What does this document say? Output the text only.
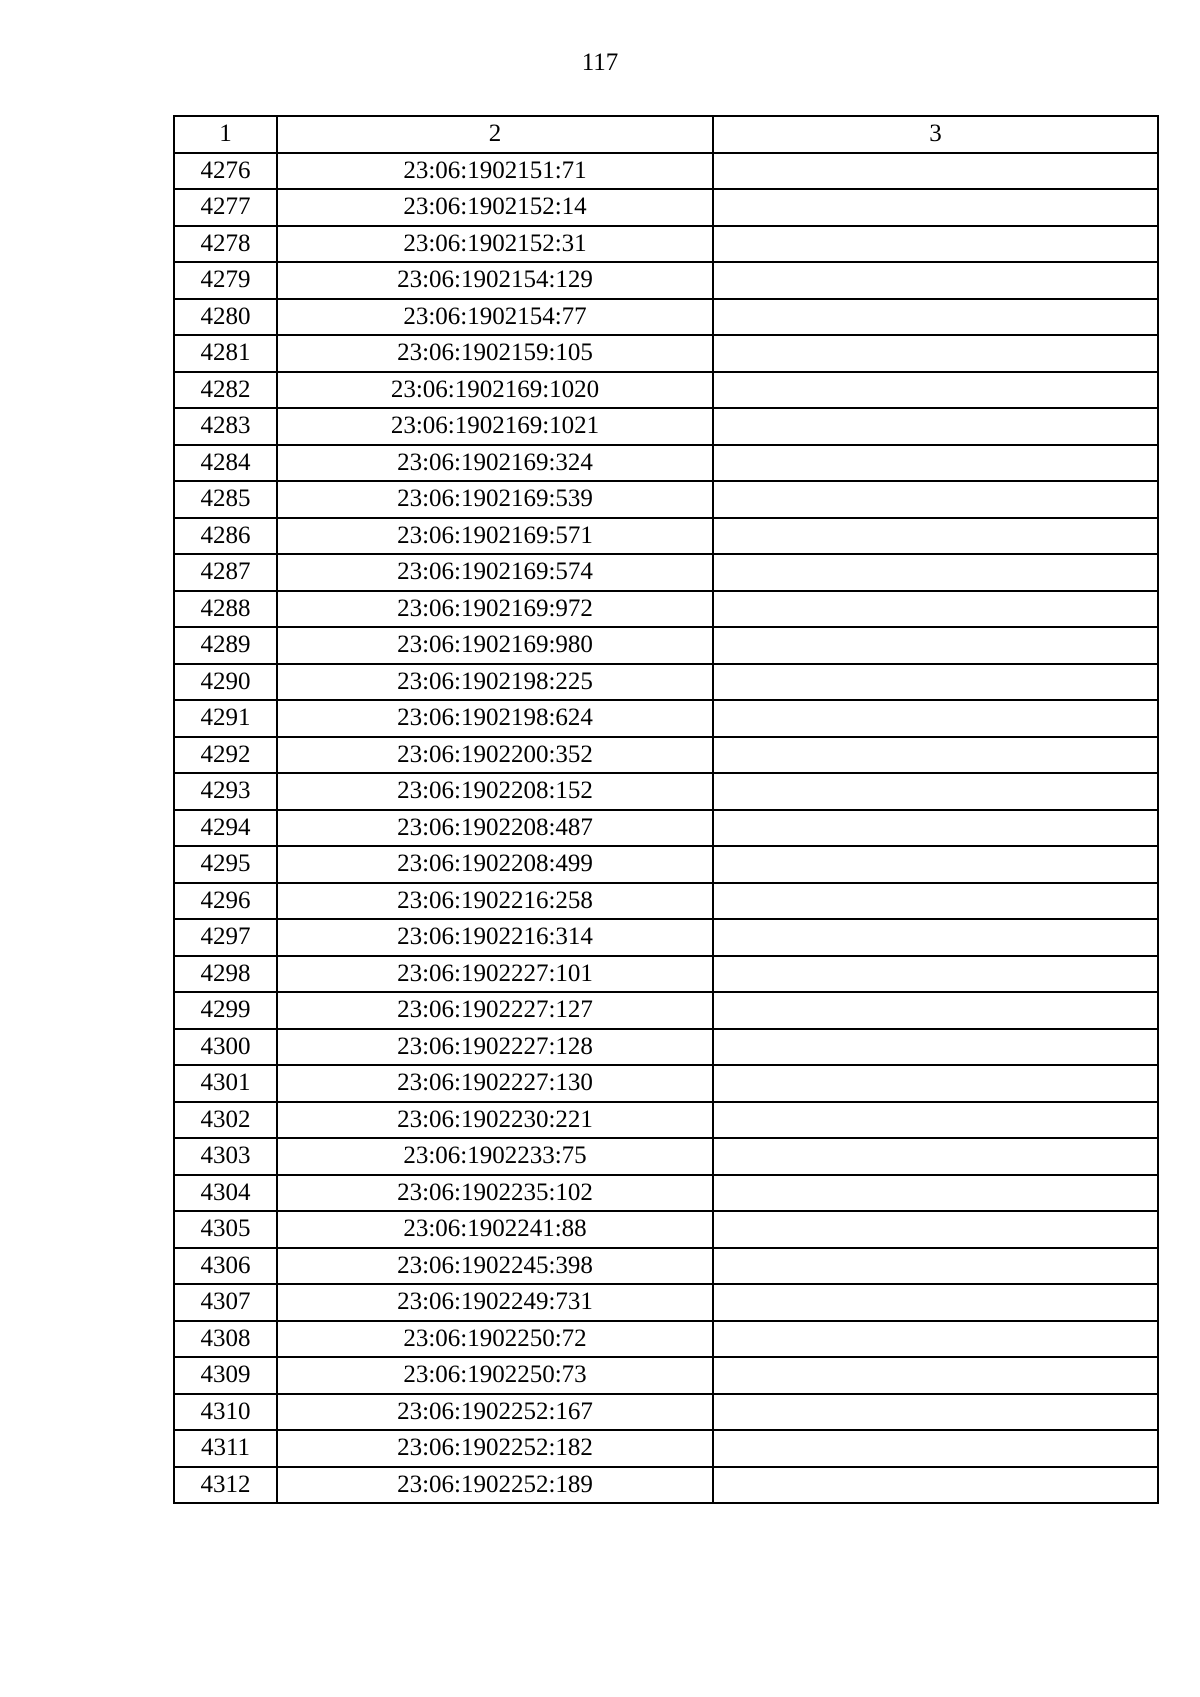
117
1	2	3
4276	23:06:1902151:71	
4277	23:06:1902152:14	
4278	23:06:1902152:31	
4279	23:06:1902154:129	
4280	23:06:1902154:77	
4281	23:06:1902159:105	
4282	23:06:1902169:1020	
4283	23:06:1902169:1021	
4284	23:06:1902169:324	
4285	23:06:1902169:539	
4286	23:06:1902169:571	
4287	23:06:1902169:574	
4288	23:06:1902169:972	
4289	23:06:1902169:980	
4290	23:06:1902198:225	
4291	23:06:1902198:624	
4292	23:06:1902200:352	
4293	23:06:1902208:152	
4294	23:06:1902208:487	
4295	23:06:1902208:499	
4296	23:06:1902216:258	
4297	23:06:1902216:314	
4298	23:06:1902227:101	
4299	23:06:1902227:127	
4300	23:06:1902227:128	
4301	23:06:1902227:130	
4302	23:06:1902230:221	
4303	23:06:1902233:75	
4304	23:06:1902235:102	
4305	23:06:1902241:88	
4306	23:06:1902245:398	
4307	23:06:1902249:731	
4308	23:06:1902250:72	
4309	23:06:1902250:73	
4310	23:06:1902252:167	
4311	23:06:1902252:182	
4312	23:06:1902252:189	
